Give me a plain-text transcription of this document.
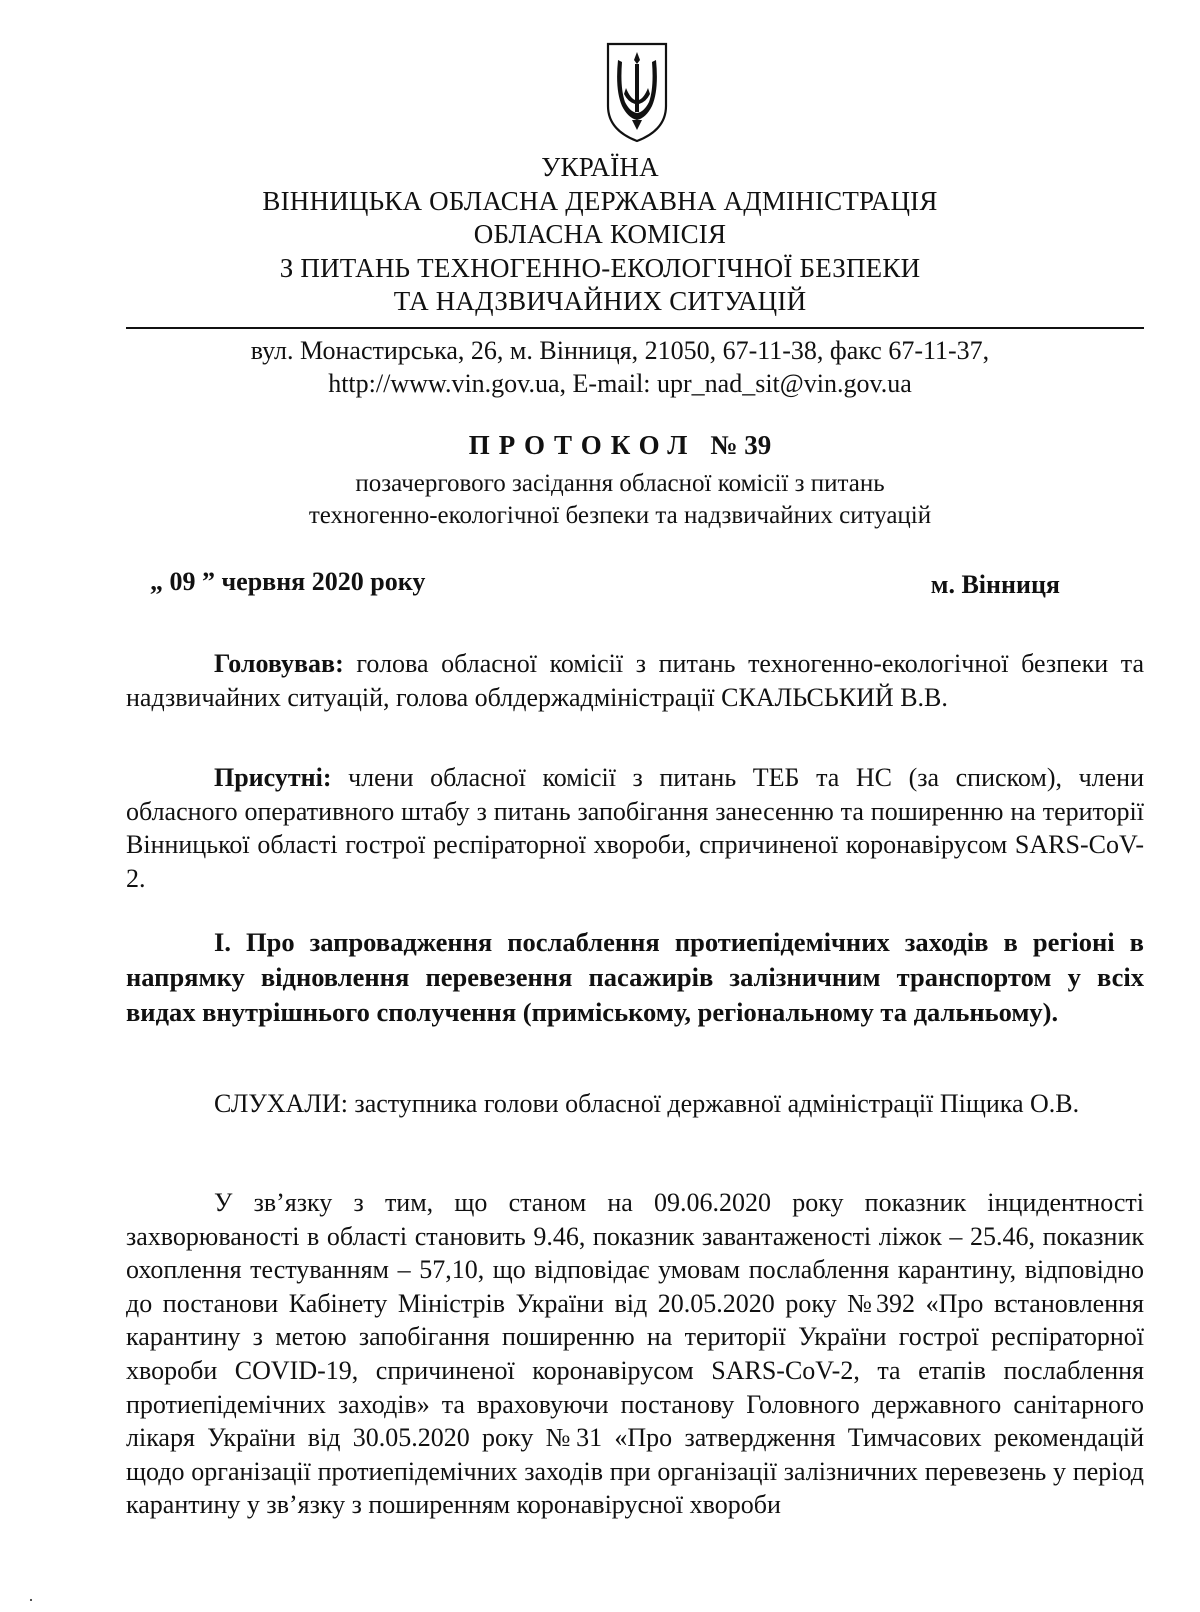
УКРАЇНА
ВІННИЦЬКА ОБЛАСНА ДЕРЖАВНА АДМІНІСТРАЦІЯ
ОБЛАСНА КОМІСІЯ
З ПИТАНЬ ТЕХНОГЕННО-ЕКОЛОГІЧНОЇ БЕЗПЕКИ
ТА НАДЗВИЧАЙНИХ СИТУАЦІЙ
вул. Монастирська, 26, м. Вінниця, 21050, 67-11-38, факс 67-11-37,
http://www.vin.gov.ua, E-mail: upr_nad_sit@vin.gov.ua
ПРОТОКОЛ № 39
позачергового засідання обласної комісії з питань
техногенно-екологічної безпеки та надзвичайних ситуацій
„ 09 ” червня 2020 року	м. Вінниця
Головував: голова обласної комісії з питань техногенно-екологічної безпеки та надзвичайних ситуацій, голова облдержадміністрації СКАЛЬСЬКИЙ В.В.
Присутні: члени обласної комісії з питань ТЕБ та НС (за списком), члени обласного оперативного штабу з питань запобігання занесенню та поширенню на території Вінницької області гострої респіраторної хвороби, спричиненої коронавірусом SARS-CoV-2.
І. Про запровадження послаблення протиепідемічних заходів в регіоні в напрямку відновлення перевезення пасажирів залізничним транспортом у всіх видах внутрішнього сполучення (приміському, регіональному та дальньому).
СЛУХАЛИ: заступника голови обласної державної адміністрації Піщика О.В.
У зв’язку з тим, що станом на 09.06.2020 року показник інцидентності захворюваності в області становить 9.46, показник завантаженості ліжок – 25.46, показник охоплення тестуванням – 57,10, що відповідає умовам послаблення карантину, відповідно до постанови Кабінету Міністрів України від 20.05.2020 року №392 «Про встановлення карантину з метою запобігання поширенню на території України гострої респіраторної хвороби COVID-19, спричиненої коронавірусом SARS-CoV-2, та етапів послаблення протиепідемічних заходів» та враховуючи постанову Головного державного санітарного лікаря України від 30.05.2020 року №31 «Про затвердження Тимчасових рекомендацій щодо організації протиепідемічних заходів при організації залізничних перевезень у період карантину у зв’язку з поширенням коронавірусної хвороби
·
